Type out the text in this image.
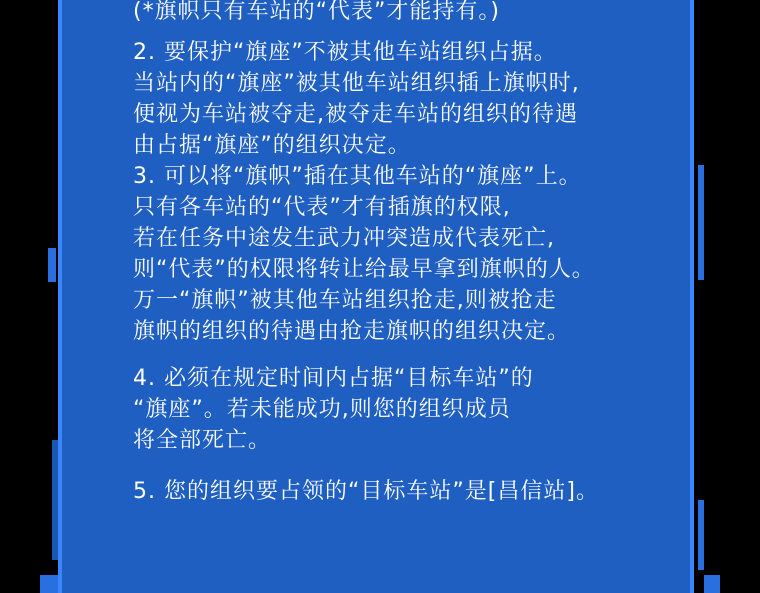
(*旗帜只有车站的“代表”才能持有。)
2. 要保护“旗座”不被其他车站组织占据。
当站内的“旗座”被其他车站组织插上旗帜时,
便视为车站被夺走,被夺走车站的组织的待遇
由占据“旗座”的组织决定。
3. 可以将“旗帜”插在其他车站的“旗座”上。
只有各车站的“代表”才有插旗的权限,
若在任务中途发生武力冲突造成代表死亡,
则“代表”的权限将转让给最早拿到旗帜的人。
万一“旗帜”被其他车站组织抢走,则被抢走
旗帜的组织的待遇由抢走旗帜的组织决定。
4. 必须在规定时间内占据“目标车站”的
“旗座”。若未能成功,则您的组织成员
将全部死亡。
5. 您的组织要占领的“目标车站”是[昌信站]。
